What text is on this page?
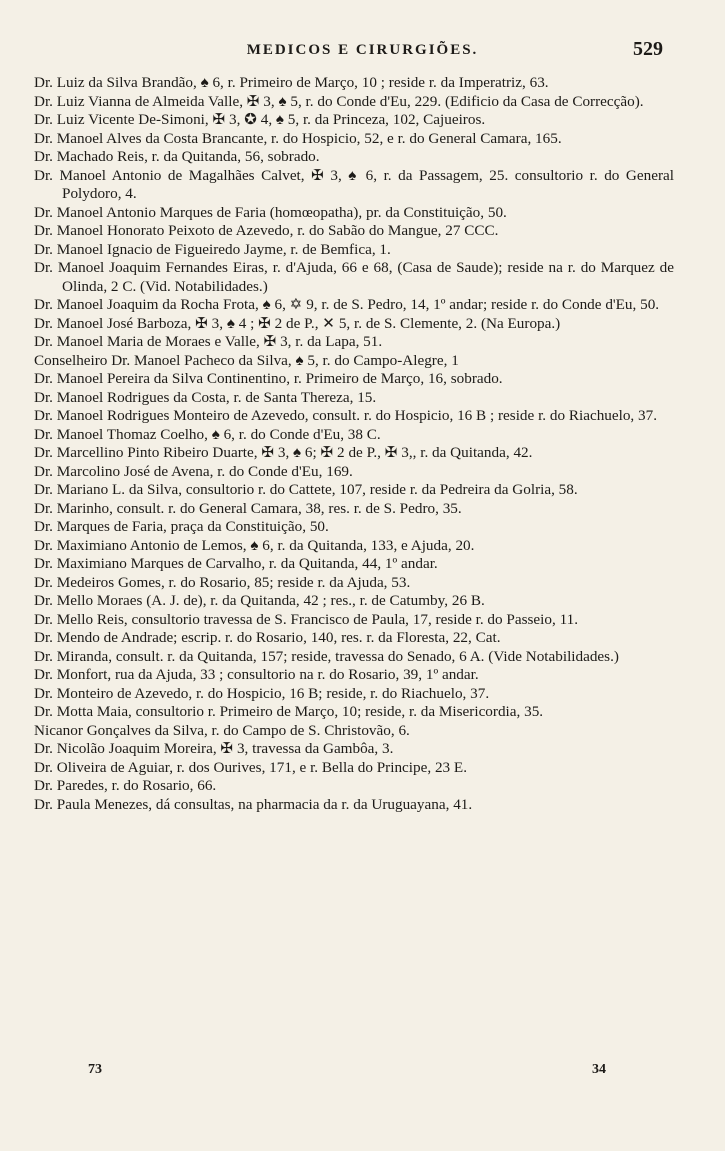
MEDICOS E CIRURGIÕES.	529

Dr. Luiz da Silva Brandão, ♠ 6, r. Primeiro de Março, 10 ; reside r. da Imperatriz, 63.

Dr. Luiz Vianna de Almeida Valle, ✠ 3, ♠ 5, r. do Conde d'Eu, 229. (Edificio da Casa de Correcção).

Dr. Luiz Vicente De-Simoni, ✠ 3, ✪ 4, ♠ 5, r. da Princeza, 102, Cajueiros.

Dr. Manoel Alves da Costa Brancante, r. do Hospicio, 52, e r. do General Camara, 165.

Dr. Machado Reis, r. da Quitanda, 56, sobrado.

Dr. Manoel Antonio de Magalhães Calvet, ✠ 3, ♠ 6, r. da Passagem, 25. consultorio r. do General Polydoro, 4.

Dr. Manoel Antonio Marques de Faria (homœopatha), pr. da Constituição, 50.

Dr. Manoel Honorato Peixoto de Azevedo, r. do Sabão do Mangue, 27 CCC.

Dr. Manoel Ignacio de Figueiredo Jayme, r. de Bemfica, 1.

Dr. Manoel Joaquim Fernandes Eiras, r. d'Ajuda, 66 e 68, (Casa de Saude); reside na r. do Marquez de Olinda, 2 C. (Vid. Notabilidades.)

Dr. Manoel Joaquim da Rocha Frota, ♠ 6, ✡ 9, r. de S. Pedro, 14, 1º andar; reside r. do Conde d'Eu, 50.

Dr. Manoel José Barboza, ✠ 3, ♠ 4 ; ✠ 2 de P., ✕ 5, r. de S. Clemente, 2. (Na Europa.)

Dr. Manoel Maria de Moraes e Valle, ✠ 3, r. da Lapa, 51.

Conselheiro Dr. Manoel Pacheco da Silva, ♠ 5, r. do Campo-Alegre, 1

Dr. Manoel Pereira da Silva Continentino, r. Primeiro de Março, 16, sobrado.

Dr. Manoel Rodrigues da Costa, r. de Santa Thereza, 15.

Dr. Manoel Rodrigues Monteiro de Azevedo, consult. r. do Hospicio, 16 B ; reside r. do Riachuelo, 37.

Dr. Manoel Thomaz Coelho, ♠ 6, r. do Conde d'Eu, 38 C.

Dr. Marcellino Pinto Ribeiro Duarte, ✠ 3, ♠ 6; ✠ 2 de P., ✠ 3,, r. da Quitanda, 42.

Dr. Marcolino José de Avena, r. do Conde d'Eu, 169.

Dr. Mariano L. da Silva, consultorio r. do Cattete, 107, reside r. da Pedreira da Golria, 58.

Dr. Marinho, consult. r. do General Camara, 38, res. r. de S. Pedro, 35.

Dr. Marques de Faria, praça da Constituição, 50.

Dr. Maximiano Antonio de Lemos, ♠ 6, r. da Quitanda, 133, e Ajuda, 20.

Dr. Maximiano Marques de Carvalho, r. da Quitanda, 44, 1º andar.

Dr. Medeiros Gomes, r. do Rosario, 85; reside r. da Ajuda, 53.

Dr. Mello Moraes (A. J. de), r. da Quitanda, 42 ; res., r. de Catumby, 26 B.

Dr. Mello Reis, consultorio travessa de S. Francisco de Paula, 17, reside r. do Passeio, 11.

Dr. Mendo de Andrade; escrip. r. do Rosario, 140, res. r. da Floresta, 22, Cat.

Dr. Miranda, consult. r. da Quitanda, 157; reside, travessa do Senado, 6 A. (Vide Notabilidades.)

Dr. Monfort, rua da Ajuda, 33 ; consultorio na r. do Rosario, 39, 1º andar.

Dr. Monteiro de Azevedo, r. do Hospicio, 16 B; reside, r. do Riachuelo, 37.

Dr. Motta Maia, consultorio r. Primeiro de Março, 10; reside, r. da Misericordia, 35.

Nicanor Gonçalves da Silva, r. do Campo de S. Christovão, 6.

Dr. Nicolão Joaquim Moreira, ✠ 3, travessa da Gambôa, 3.

Dr. Oliveira de Aguiar, r. dos Ourives, 171, e r. Bella do Principe, 23 E.

Dr. Paredes, r. do Rosario, 66.

Dr. Paula Menezes, dá consultas, na pharmacia da r. da Uruguayana, 41.

73	34
